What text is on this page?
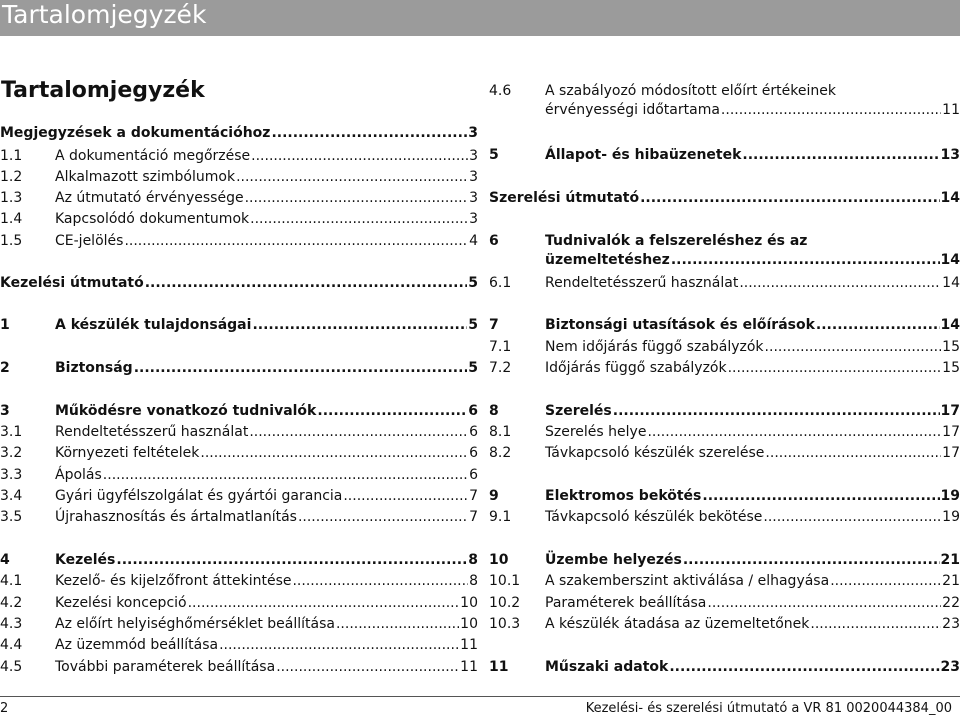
Tartalomjegyzék
Tartalomjegyzék
Megjegyzések a dokumentációhoz .....	3
1.1	A dokumentáció megőrzése .....	3
1.2	Alkalmazott szimbólumok .....	3
1.3	Az útmutató érvényessége .....	3
1.4	Kapcsolódó dokumentumok .....	3
1.5	CE-jelölés .....	4
Kezelési útmutató .....	5
1	A készülék tulajdonságai .....	5
2	Biztonság .....	5
3	Működésre vonatkozó tudnivalók .....	6
3.1	Rendeltetésszerű használat .....	6
3.2	Környezeti feltételek .....	6
3.3	Ápolás .....	6
3.4	Gyári ügyfélszolgálat és gyártói garancia .....	7
3.5	Újrahasznosítás és ártalmatlanítás .....	7
4	Kezelés .....	8
4.1	Kezelő- és kijelzőfront áttekintése .....	8
4.2	Kezelési koncepció .....	10
4.3	Az előírt helyiséghőmérséklet beállítása .....	10
4.4	Az üzemmód beállítása .....	11
4.5	További paraméterek beállítása .....	11
4.6	A szabályozó módosított előírt értékeinek
érvényességi időtartama .....	11
5	Állapot- és hibaüzenetek .....	13
Szerelési útmutató .....	14
6	Tudnivalók a felszereléshez és az
üzemeltetéshez .....	14
6.1	Rendeltetésszerű használat .....	14
7	Biztonsági utasítások és előírások .....	14
7.1	Nem időjárás függő szabályzók .....	15
7.2	Időjárás függő szabályzók .....	15
8	Szerelés .....	17
8.1	Szerelés helye .....	17
8.2	Távkapcsoló készülék szerelése .....	17
9	Elektromos bekötés .....	19
9.1	Távkapcsoló készülék bekötése .....	19
10	Üzembe helyezés .....	21
10.1	A szakemberszint aktiválása / elhagyása .....	21
10.2	Paraméterek beállítása .....	22
10.3	A készülék átadása az üzemeltetőnek .....	23
11	Műszaki adatok .....	23
2	Kezelési- és szerelési útmutató a VR 81 0020044384_00
